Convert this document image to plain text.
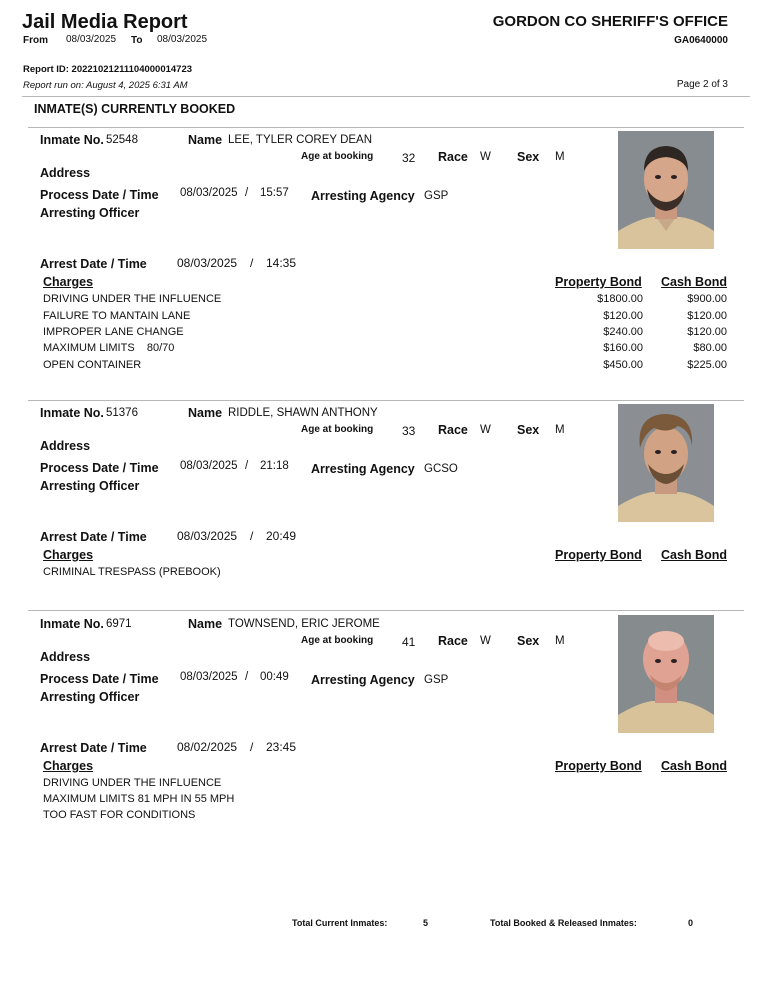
Jail Media Report	GORDON CO SHERIFF'S OFFICE
From 08/03/2025 To 08/03/2025	GA0640000
Report ID: 20221021211104000014723
Report run on: August 4, 2025 6:31 AM	Page 2 of 3
INMATE(S) CURRENTLY BOOKED
Inmate No. 52548	Name LEE, TYLER COREY DEAN
Age at booking 32 Race W Sex M
Address
Process Date / Time 08/03/2025 / 15:57 Arresting Agency GSP
Arresting Officer
Arrest Date / Time	08/03/2025 / 14:35
Charges	Property Bond Cash Bond
DRIVING UNDER THE INFLUENCE	$1800.00	$900.00
FAILURE TO MANTAIN LANE	$120.00	$120.00
IMPROPER LANE CHANGE	$240.00	$120.00
MAXIMUM LIMITS    80/70	$160.00	$80.00
OPEN CONTAINER	$450.00	$225.00
Inmate No. 51376	Name RIDDLE, SHAWN ANTHONY
Age at booking 33 Race W Sex M
Address
Process Date / Time 08/03/2025 / 21:18 Arresting Agency GCSO
Arresting Officer
Arrest Date / Time	08/03/2025 / 20:49
Charges	Property Bond Cash Bond
CRIMINAL TRESPASS (PREBOOK)
Inmate No. 6971	Name TOWNSEND, ERIC JEROME
Age at booking 41 Race W Sex M
Address
Process Date / Time 08/03/2025 / 00:49 Arresting Agency GSP
Arresting Officer
Arrest Date / Time	08/02/2025 / 23:45
Charges	Property Bond Cash Bond
DRIVING UNDER THE INFLUENCE
MAXIMUM LIMITS 81 MPH IN 55 MPH
TOO FAST FOR CONDITIONS
Total Current Inmates:	5	Total Booked & Released Inmates:	0
